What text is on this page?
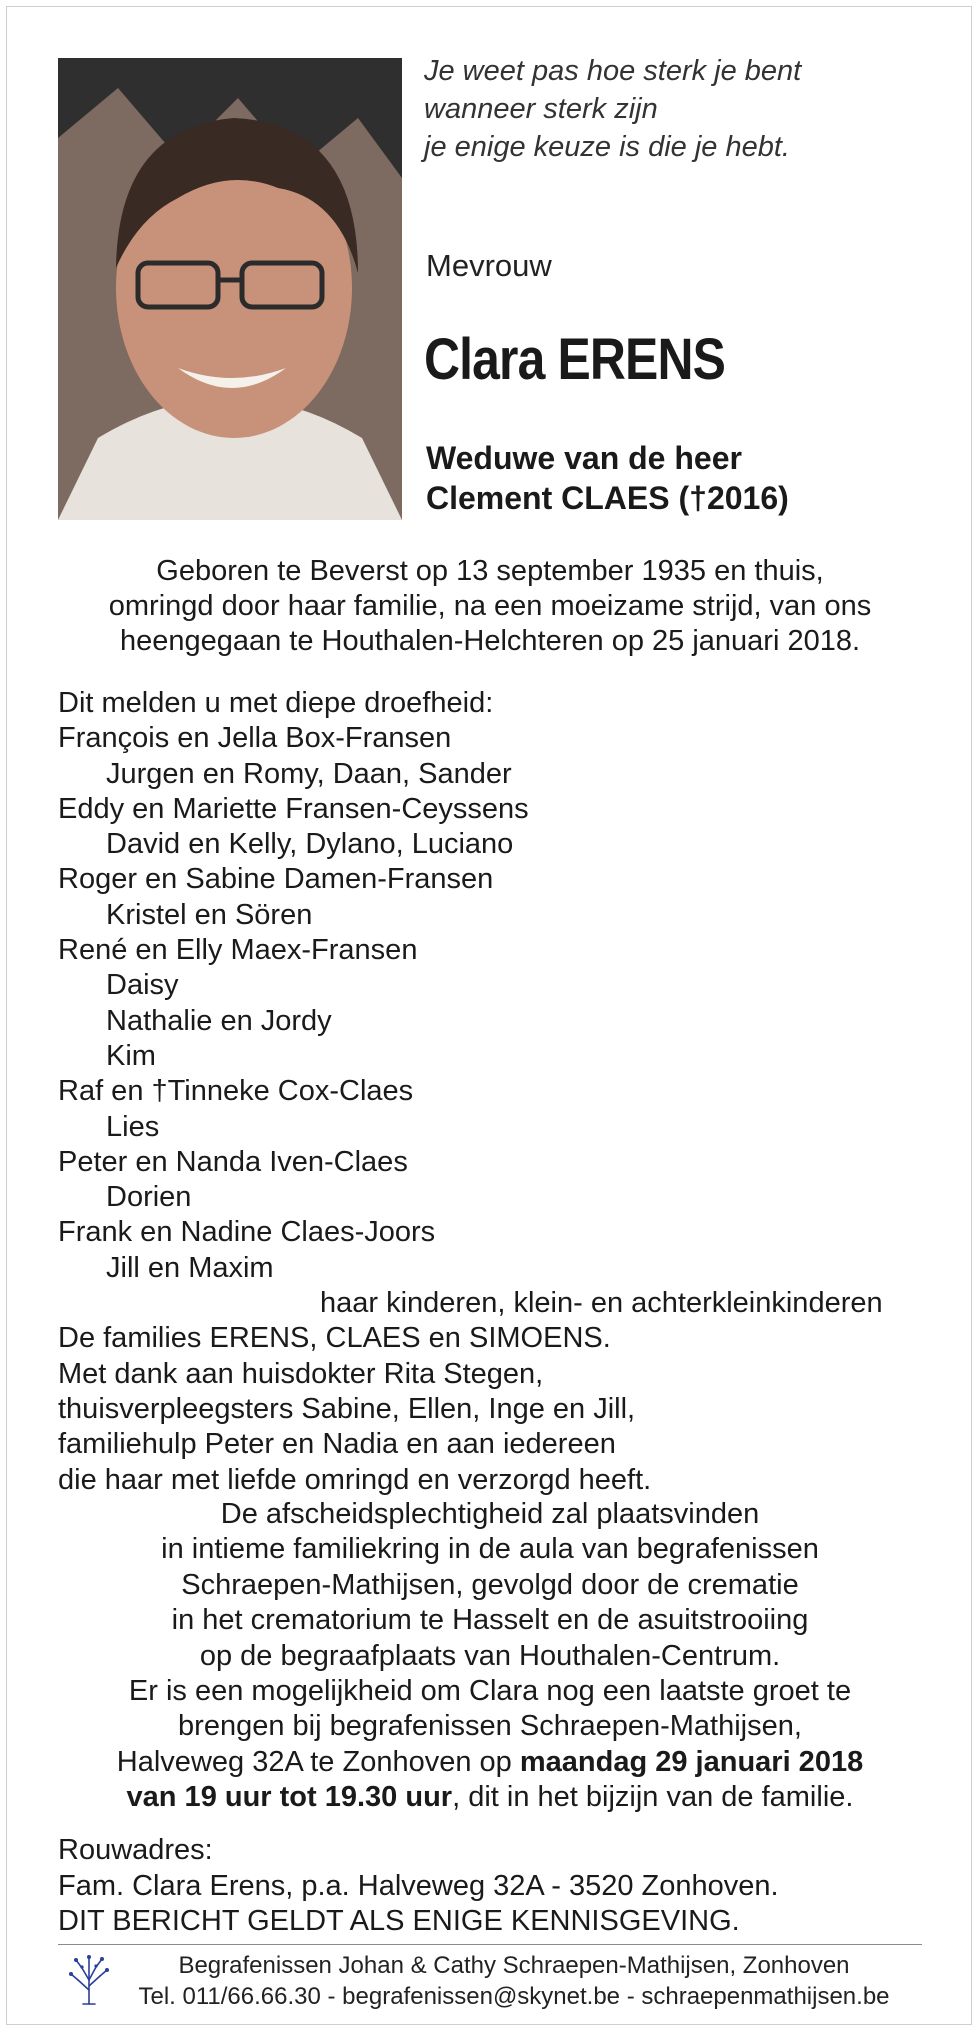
Je weet pas hoe sterk je bent
wanneer sterk zijn
je enige keuze is die je hebt.
Mevrouw
Clara ERENS
Weduwe van de heer
Clement CLAES (†2016)
Geboren te Beverst op 13 september 1935 en thuis,
omringd door haar familie, na een moeizame strijd, van ons
heengegaan te Houthalen-Helchteren op 25 januari 2018.
Dit melden u met diepe droefheid:
François en Jella Box-Fransen
Jurgen en Romy, Daan, Sander
Eddy en Mariette Fransen-Ceyssens
David en Kelly, Dylano, Luciano
Roger en Sabine Damen-Fransen
Kristel en Sören
René en Elly Maex-Fransen
Daisy
Nathalie en Jordy
Kim
Raf en †Tinneke Cox-Claes
Lies
Peter en Nanda Iven-Claes
Dorien
Frank en Nadine Claes-Joors
Jill en Maxim
haar kinderen, klein- en achterkleinkinderen
De families ERENS, CLAES en SIMOENS.
Met dank aan huisdokter Rita Stegen,
thuisverpleegsters Sabine, Ellen, Inge en Jill,
familiehulp Peter en Nadia en aan iedereen
die haar met liefde omringd en verzorgd heeft.
De afscheidsplechtigheid zal plaatsvinden
in intieme familiekring in de aula van begrafenissen
Schraepen-Mathijsen, gevolgd door de crematie
in het crematorium te Hasselt en de asuitstrooiing
op de begraafplaats van Houthalen-Centrum.
Er is een mogelijkheid om Clara nog een laatste groet te
brengen bij begrafenissen Schraepen-Mathijsen,
Halveweg 32A te Zonhoven op maandag 29 januari 2018
van 19 uur tot 19.30 uur, dit in het bijzijn van de familie.
Rouwadres:
Fam. Clara Erens, p.a. Halveweg 32A - 3520 Zonhoven.
DIT BERICHT GELDT ALS ENIGE KENNISGEVING.
Begrafenissen Johan & Cathy Schraepen-Mathijsen, Zonhoven
Tel. 011/66.66.30 - begrafenissen@skynet.be - schraepenmathijsen.be
